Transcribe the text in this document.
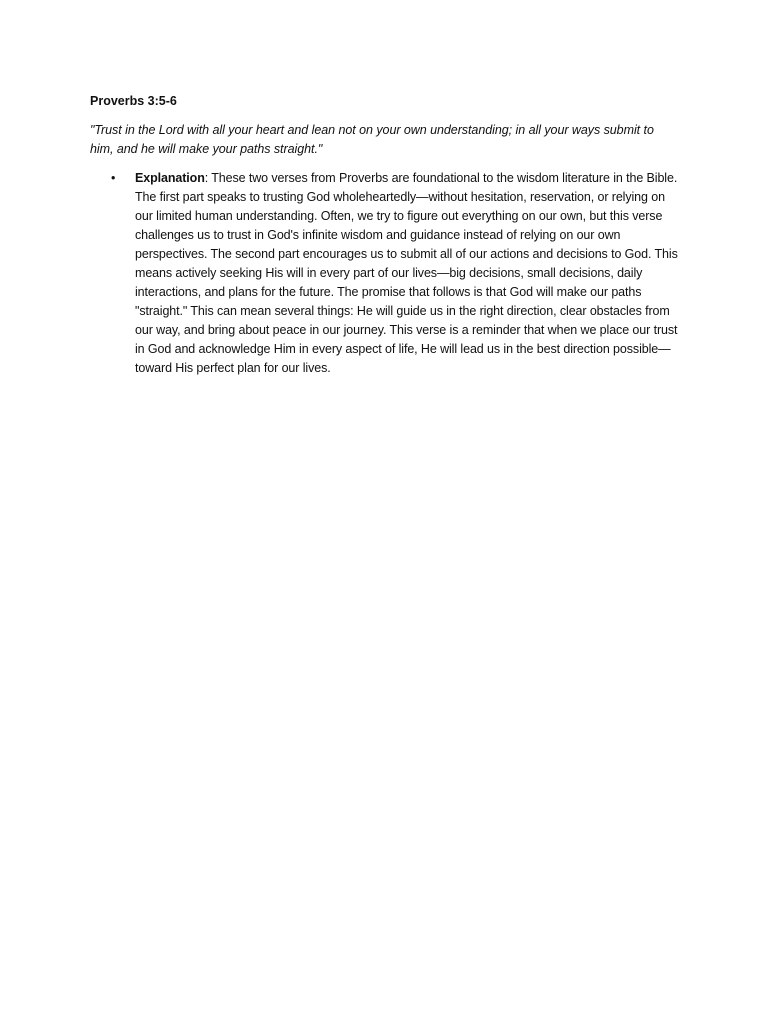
Proverbs 3:5-6

"Trust in the Lord with all your heart and lean not on your own understanding; in all your ways submit to him, and he will make your paths straight."

• Explanation: These two verses from Proverbs are foundational to the wisdom literature in the Bible. The first part speaks to trusting God wholeheartedly—without hesitation, reservation, or relying on our limited human understanding. Often, we try to figure out everything on our own, but this verse challenges us to trust in God's infinite wisdom and guidance instead of relying on our own perspectives. The second part encourages us to submit all of our actions and decisions to God. This means actively seeking His will in every part of our lives—big decisions, small decisions, daily interactions, and plans for the future. The promise that follows is that God will make our paths "straight." This can mean several things: He will guide us in the right direction, clear obstacles from our way, and bring about peace in our journey. This verse is a reminder that when we place our trust in God and acknowledge Him in every aspect of life, He will lead us in the best direction possible—toward His perfect plan for our lives.
